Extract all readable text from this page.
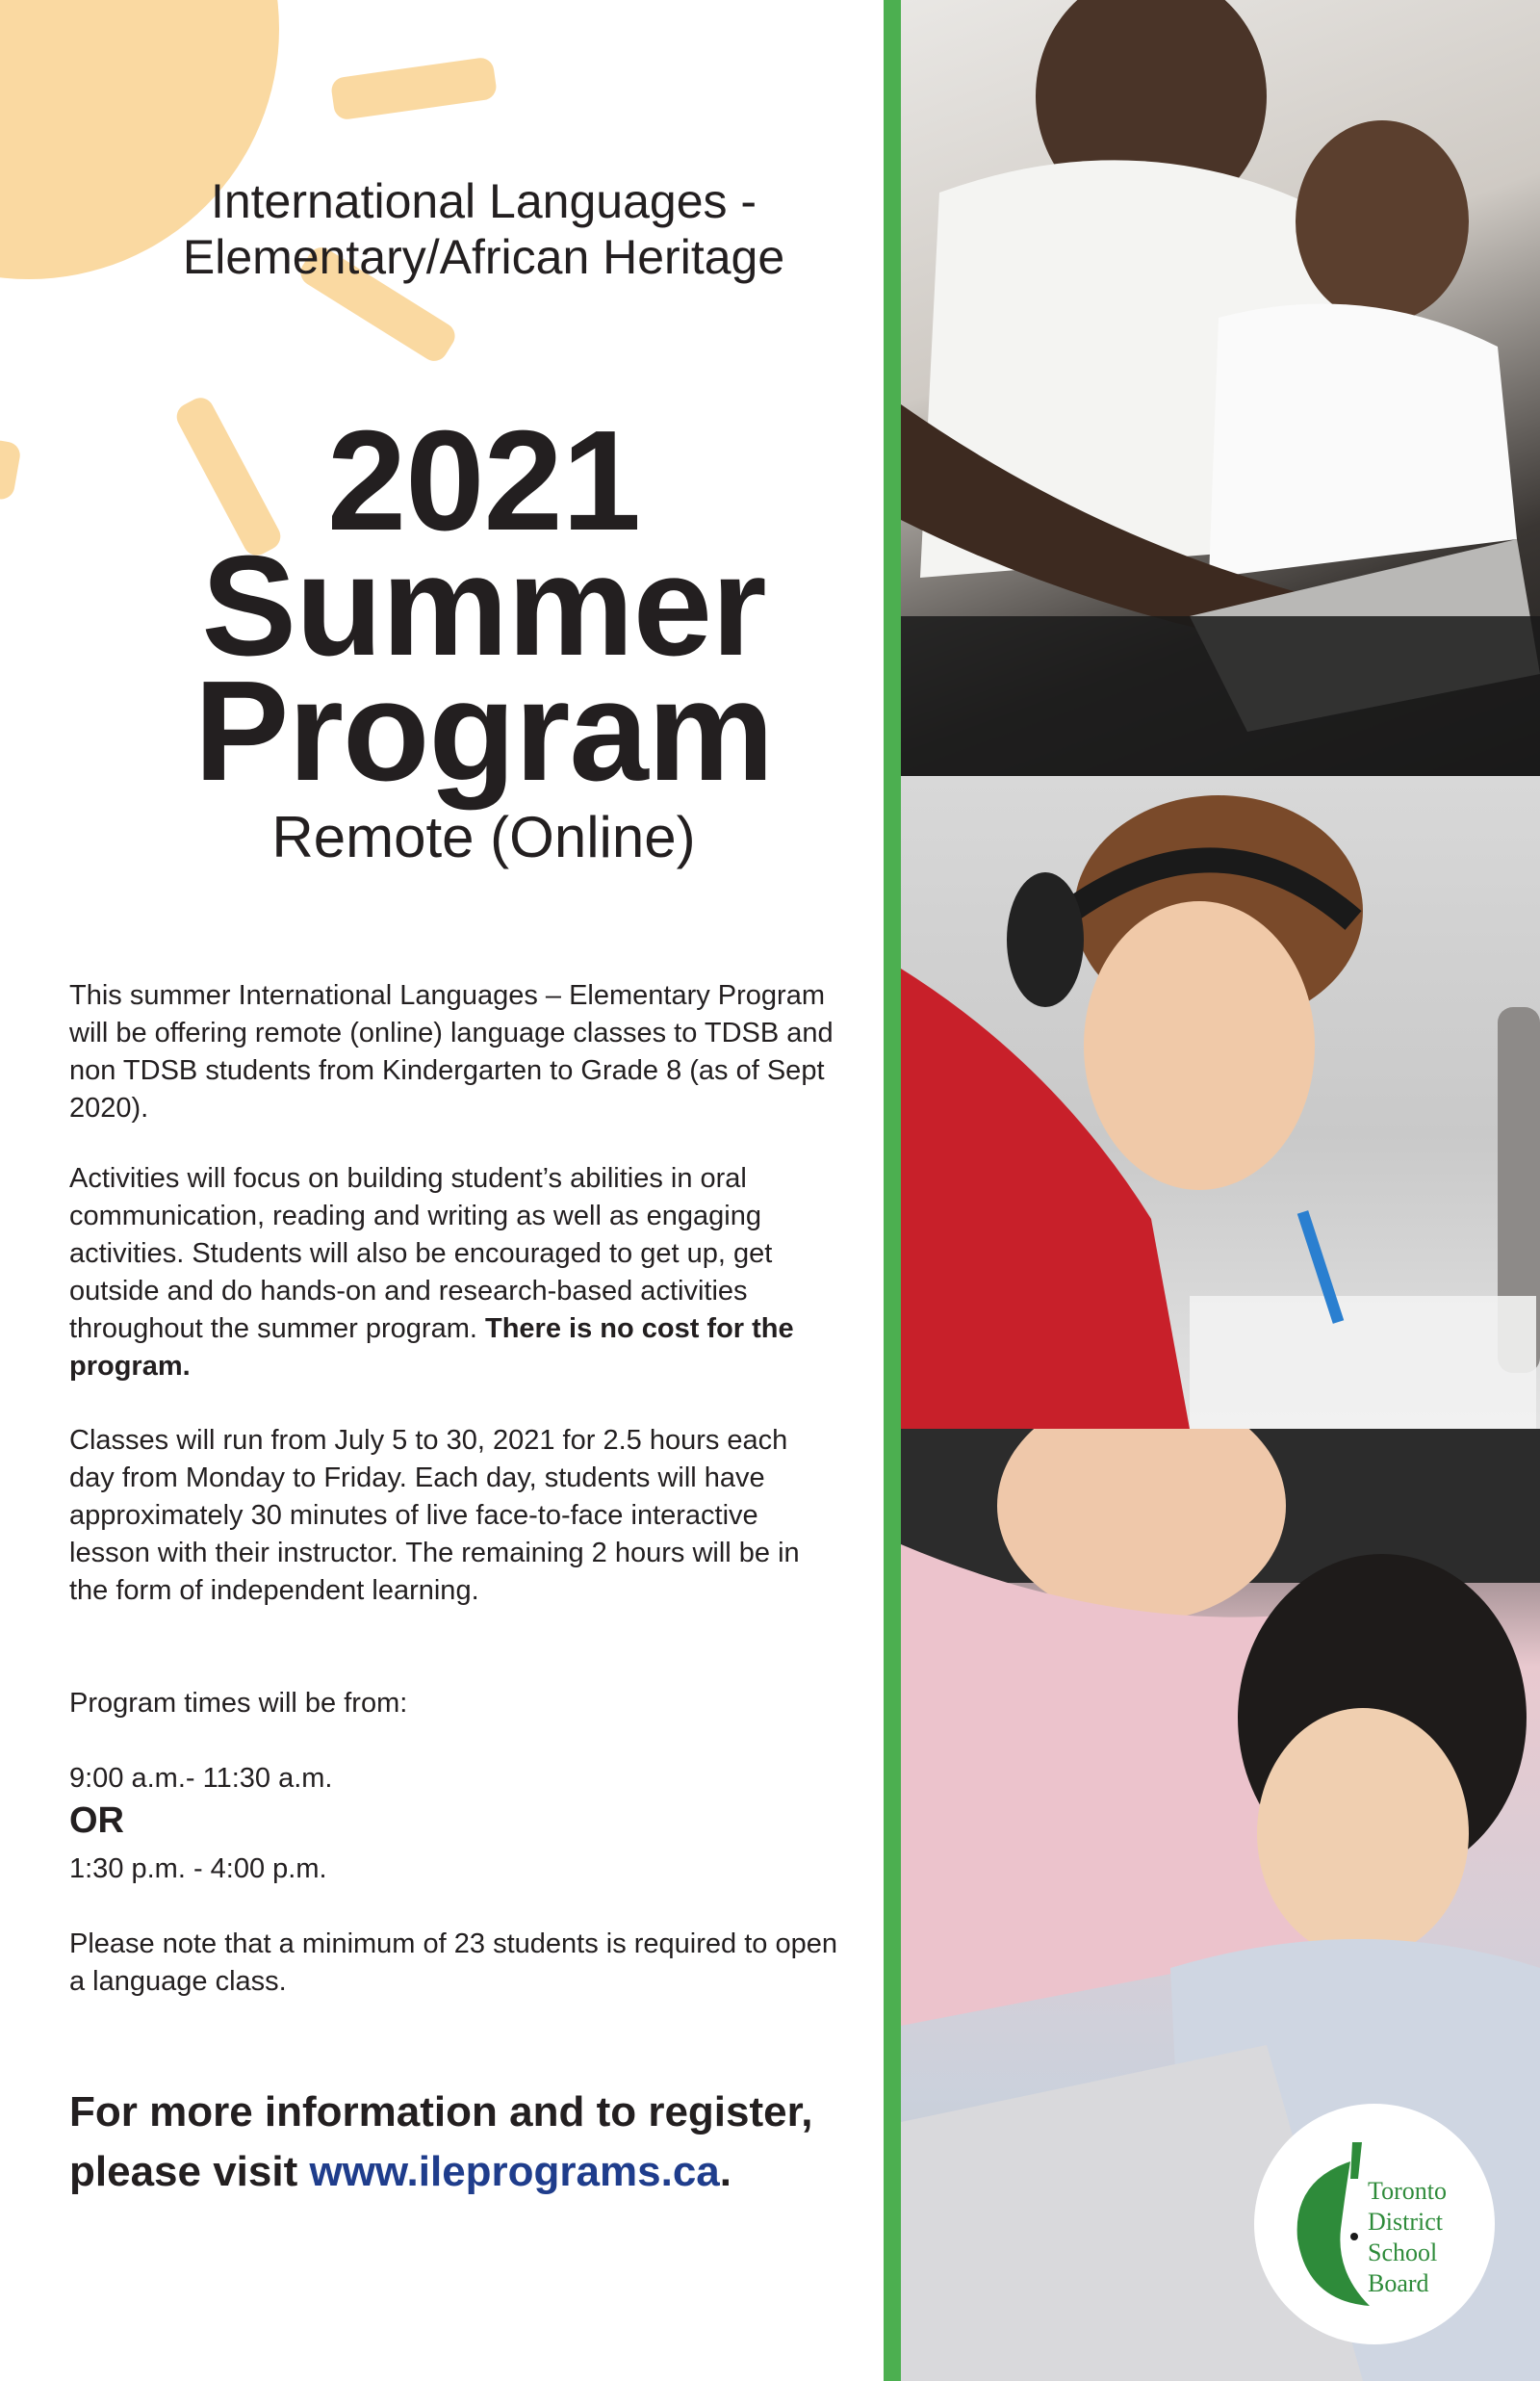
International Languages -
Elementary/African Heritage
2021
Summer
Program
Remote (Online)
This summer International Languages – Elementary Program will be offering remote (online) language classes to TDSB and non TDSB students from Kindergarten to Grade 8 (as of Sept 2020).
Activities will focus on building student’s abilities in oral communication, reading and writing as well as engaging activities. Students will also be encouraged to get up, get outside and do hands-on and research-based activities throughout the summer program. There is no cost for the program.
Classes will run from July 5 to 30, 2021 for 2.5 hours each day from Monday to Friday. Each day, students will have approximately 30 minutes of live face-to-face interactive lesson with their instructor. The remaining 2 hours will be in the form of independent learning.
Program times will be from:
9:00 a.m.- 11:30 a.m.
OR
1:30 p.m. - 4:00 p.m.
Please note that a minimum of 23 students is required to open a language class.
For more information and to register, please visit www.ileprograms.ca.	Toronto
District
School
Board
